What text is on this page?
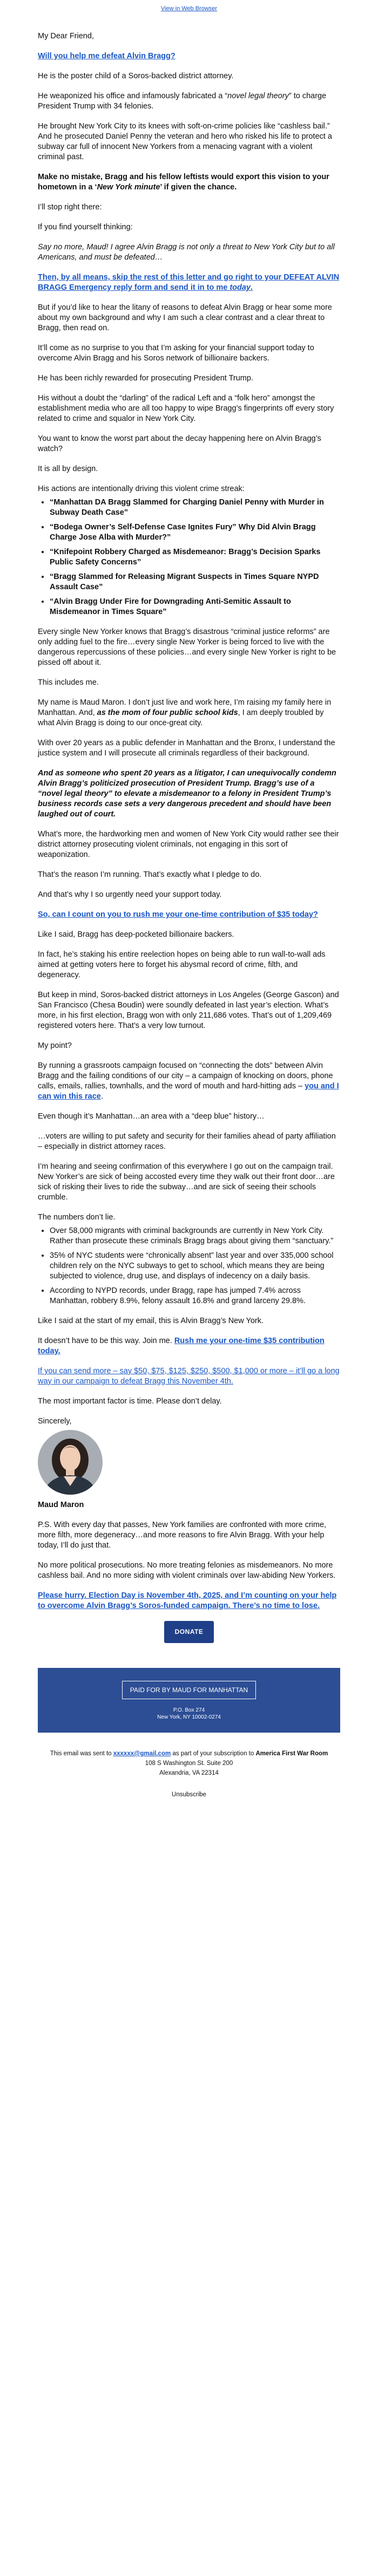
View in Web Browser

My Dear Friend,

Will you help me defeat Alvin Bragg?

He is the poster child of a Soros-backed district attorney.

He weaponized his office and infamously fabricated a “novel legal theory” to charge President Trump with 34 felonies.

He brought New York City to its knees with soft-on-crime policies like “cashless bail.” And he prosecuted Daniel Penny the veteran and hero who risked his life to protect a subway car full of innocent New Yorkers from a menacing vagrant with a violent criminal past.

Make no mistake, Bragg and his fellow leftists would export this vision to your hometown in a ‘New York minute’ if given the chance.

I’ll stop right there:

If you find yourself thinking:

Say no more, Maud! I agree Alvin Bragg is not only a threat to New York City but to all Americans, and must be defeated…

Then, by all means, skip the rest of this letter and go right to your DEFEAT ALVIN BRAGG Emergency reply form and send it in to me today.

But if you’d like to hear the litany of reasons to defeat Alvin Bragg or hear some more about my own background and why I am such a clear contrast and a clear threat to Bragg, then read on.

It’ll come as no surprise to you that I’m asking for your financial support today to overcome Alvin Bragg and his Soros network of billionaire backers.

He has been richly rewarded for prosecuting President Trump.

His without a doubt the “darling” of the radical Left and a “folk hero” amongst the establishment media who are all too happy to wipe Bragg’s fingerprints off every story related to crime and squalor in New York City.

You want to know the worst part about the decay happening here on Alvin Bragg’s watch?

It is all by design.

His actions are intentionally driving this violent crime streak:

• “Manhattan DA Bragg Slammed for Charging Daniel Penny with Murder in Subway Death Case”
• “Bodega Owner’s Self-Defense Case Ignites Fury” Why Did Alvin Bragg Charge Jose Alba with Murder?”
• “Knifepoint Robbery Charged as Misdemeanor: Bragg’s Decision Sparks Public Safety Concerns”
• “Bragg Slammed for Releasing Migrant Suspects in Times Square NYPD Assault Case”
• “Alvin Bragg Under Fire for Downgrading Anti-Semitic Assault to Misdemeanor in Times Square”

Every single New Yorker knows that Bragg’s disastrous “criminal justice reforms” are only adding fuel to the fire…every single New Yorker is being forced to live with the dangerous repercussions of these policies…and every single New Yorker is right to be pissed off about it.

This includes me.

My name is Maud Maron. I don’t just live and work here, I’m raising my family here in Manhattan. And, as the mom of four public school kids, I am deeply troubled by what Alvin Bragg is doing to our once-great city.

With over 20 years as a public defender in Manhattan and the Bronx, I understand the justice system and I will prosecute all criminals regardless of their background.

And as someone who spent 20 years as a litigator, I can unequivocally condemn Alvin Bragg’s politicized prosecution of President Trump. Bragg’s use of a “novel legal theory” to elevate a misdemeanor to a felony in President Trump’s business records case sets a very dangerous precedent and should have been laughed out of court.

What’s more, the hardworking men and women of New York City would rather see their district attorney prosecuting violent criminals, not engaging in this sort of weaponization.

That’s the reason I’m running. That’s exactly what I pledge to do.

And that’s why I so urgently need your support today.

So, can I count on you to rush me your one-time contribution of $35 today?

Like I said, Bragg has deep-pocketed billionaire backers.

In fact, he’s staking his entire reelection hopes on being able to run wall-to-wall ads aimed at getting voters here to forget his abysmal record of crime, filth, and degeneracy.

But keep in mind, Soros-backed district attorneys in Los Angeles (George Gascon) and San Francisco (Chesa Boudin) were soundly defeated in last year’s election. What’s more, in his first election, Bragg won with only 211,686 votes. That’s out of 1,209,469 registered voters here. That’s a very low turnout.

My point?

By running a grassroots campaign focused on “connecting the dots” between Alvin Bragg and the failing conditions of our city – a campaign of knocking on doors, phone calls, emails, rallies, townhalls, and the word of mouth and hard-hitting ads – you and I can win this race.

Even though it’s Manhattan…an area with a “deep blue” history…

…voters are willing to put safety and security for their families ahead of party affiliation – especially in district attorney races.

I’m hearing and seeing confirmation of this everywhere I go out on the campaign trail. New Yorker’s are sick of being accosted every time they walk out their front door…are sick of risking their lives to ride the subway…and are sick of seeing their schools crumble.

The numbers don’t lie.

• Over 58,000 migrants with criminal backgrounds are currently in New York City. Rather than prosecute these criminals Bragg brags about giving them “sanctuary.”
• 35% of NYC students were “chronically absent” last year and over 335,000 school children rely on the NYC subways to get to school, which means they are being subjected to violence, drug use, and displays of indecency on a daily basis.
• According to NYPD records, under Bragg, rape has jumped 7.4% across Manhattan, robbery 8.9%, felony assault 16.8% and grand larceny 29.8%.

Like I said at the start of my email, this is Alvin Bragg’s New York.

It doesn’t have to be this way. Join me. Rush me your one-time $35 contribution today.

If you can send more – say $50, $75, $125, $250, $500, $1,000 or more – it’ll go a long way in our campaign to defeat Bragg this November 4th.

The most important factor is time. Please don’t delay.

Sincerely,

Maud Maron

P.S. With every day that passes, New York families are confronted with more crime, more filth, more degeneracy…and more reasons to fire Alvin Bragg. With your help today, I’ll do just that.

No more political prosecutions. No more treating felonies as misdemeanors. No more cashless bail. And no more siding with violent criminals over law-abiding New Yorkers.

Please hurry. Election Day is November 4th, 2025, and I’m counting on your help to overcome Alvin Bragg’s Soros-funded campaign. There’s no time to lose.

DONATE
PAID FOR BY MAUD FOR MANHATTAN
P.O. Box 274
New York, NY 10002-0274
This email was sent to xxxxxx@gmail.com as part of your subscription to America First War Room
108 S Washington St. Suite 200
Alexandria, VA 22314
Unsubscribe
